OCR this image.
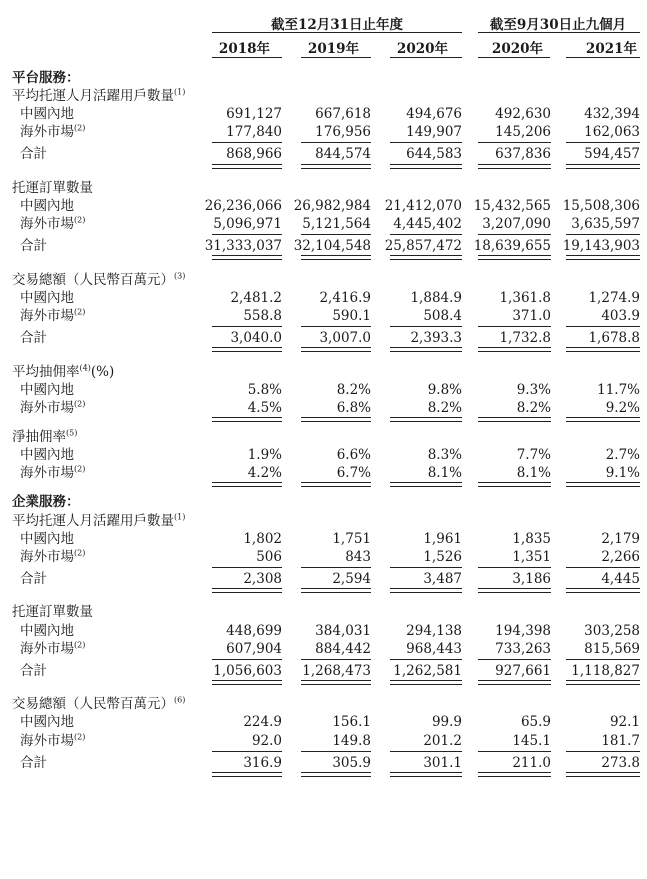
截至12月31日止年度	截至9月30日止九個月
2018年	2019年	2020年	2020年	2021年
平台服務：
平均托運人月活躍用戶數量$^{(1)}$
中國內地	691,127	667,618	494,676	492,630	432,394
海外市場$^{(2)}$	177,840	176,956	149,907	145,206	162,063
合計	868,966	844,574	644,583	637,836	594,457
托運訂單數量
中國內地	26,236,066 26,982,984	21,412,070 15,432,565 15,508,306
海外市場$^{(2)}$	5,096,971	5,121,564	4,445,402	3,207,090	3,635,597
合計	31,333,037 32,104,548	25,857,472 18,639,655 19,143,903
交易總額（人民幣百萬元）$^{(3)}$
中國內地	2,481.2	2,416.9	1,884.9	1,361.8	1,274.9
海外市場$^{(2)}$	558.8	590.1	508.4	371.0	403.9
合計	3,040.0	3,007.0	2,393.3	1,732.8	1,678.8
平均抽佣率$^{(4)}$(%)
中國內地	5.8%	8.2%	9.8%	9.3%	11.7%
海外市場$^{(2)}$	4.5%	6.8%	8.2%	8.2%	9.2%
淨抽佣率$^{(5)}$
中國內地	1.9%	6.6%	8.3%	7.7%	2.7%
海外市場$^{(2)}$	4.2%	6.7%	8.1%	8.1%	9.1%
企業服務：
平均托運人月活躍用戶數量$^{(1)}$
中國內地	1,802	1,751	1,961	1,835	2,179
海外市場$^{(2)}$	506	843	1,526	1,351	2,266
合計	2,308	2,594	3,487	3,186	4,445
托運訂單數量
中國內地	448,699	384,031	294,138	194,398	303,258
海外市場$^{(2)}$	607,904	884,442	968,443	733,263	815,569
合計	1,056,603	1,268,473	1,262,581	927,661	1,118,827
交易總額（人民幣百萬元）$^{(6)}$
中國內地	224.9	156.1	99.9	65.9	92.1
海外市場$^{(2)}$	92.0	149.8	201.2	145.1	181.7
合計	316.9	305.9	301.1	211.0	273.8
